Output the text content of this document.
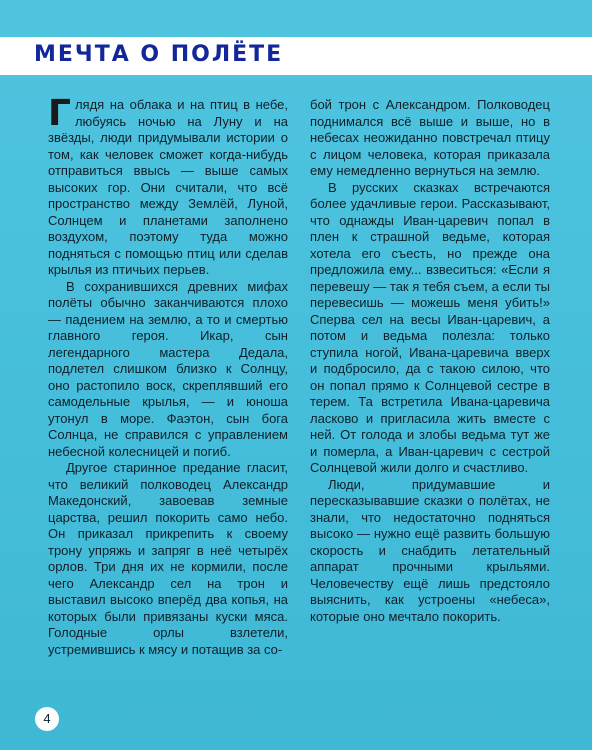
МЕЧТА О ПОЛЁТЕ

Глядя на облака и на птиц в небе, любуясь ночью на Луну и на звёзды, люди придумывали истории о том, как человек сможет когда-нибудь отправиться ввысь — выше самых высоких гор. Они считали, что всё пространство между Землёй, Луной, Солнцем и планетами заполнено воздухом, поэтому туда можно подняться с помощью птиц или сделав крылья из птичьих перьев.

В сохранившихся древних мифах полёты обычно заканчиваются плохо — падением на землю, а то и смертью главного героя. Икар, сын легендарного мастера Дедала, подлетел слишком близко к Солнцу, оно растопило воск, скреплявший его самодельные крылья, — и юноша утонул в море. Фаэтон, сын бога Солнца, не справился с управлением небесной колесницей и погиб.

Другое старинное предание гласит, что великий полководец Александр Македонский, завоевав земные царства, решил покорить само небо. Он приказал прикрепить к своему трону упряжь и запряг в неё четырёх орлов. Три дня их не кормили, после чего Александр сел на трон и выставил высоко вперёд два копья, на которых были привязаны куски мяса. Голодные орлы взлетели, устремившись к мясу и потащив за со-

бой трон с Александром. Полководец поднимался всё выше и выше, но в небесах неожиданно повстречал птицу с лицом человека, которая приказала ему немедленно вернуться на землю.

В русских сказках встречаются более удачливые герои. Рассказывают, что однажды Иван-царевич попал в плен к страшной ведьме, которая хотела его съесть, но прежде она предложила ему... взвеситься: «Если я перевешу — так я тебя съем, а если ты перевесишь — можешь меня убить!» Сперва сел на весы Иван-царевич, а потом и ведьма полезла: только ступила ногой, Ивана-царевича вверх и подбросило, да с такою силою, что он попал прямо к Солнцевой сестре в терем. Та встретила Ивана-царевича ласково и пригласила жить вместе с ней. От голода и злобы ведьма тут же и померла, а Иван-царевич с сестрой Солнцевой жили долго и счастливо.

Люди, придумавшие и пересказывавшие сказки о полётах, не знали, что недостаточно подняться высоко — нужно ещё развить большую скорость и снабдить летательный аппарат прочными крыльями. Человечеству ещё лишь предстояло выяснить, как устроены «небеса», которые оно мечтало покорить.

4
